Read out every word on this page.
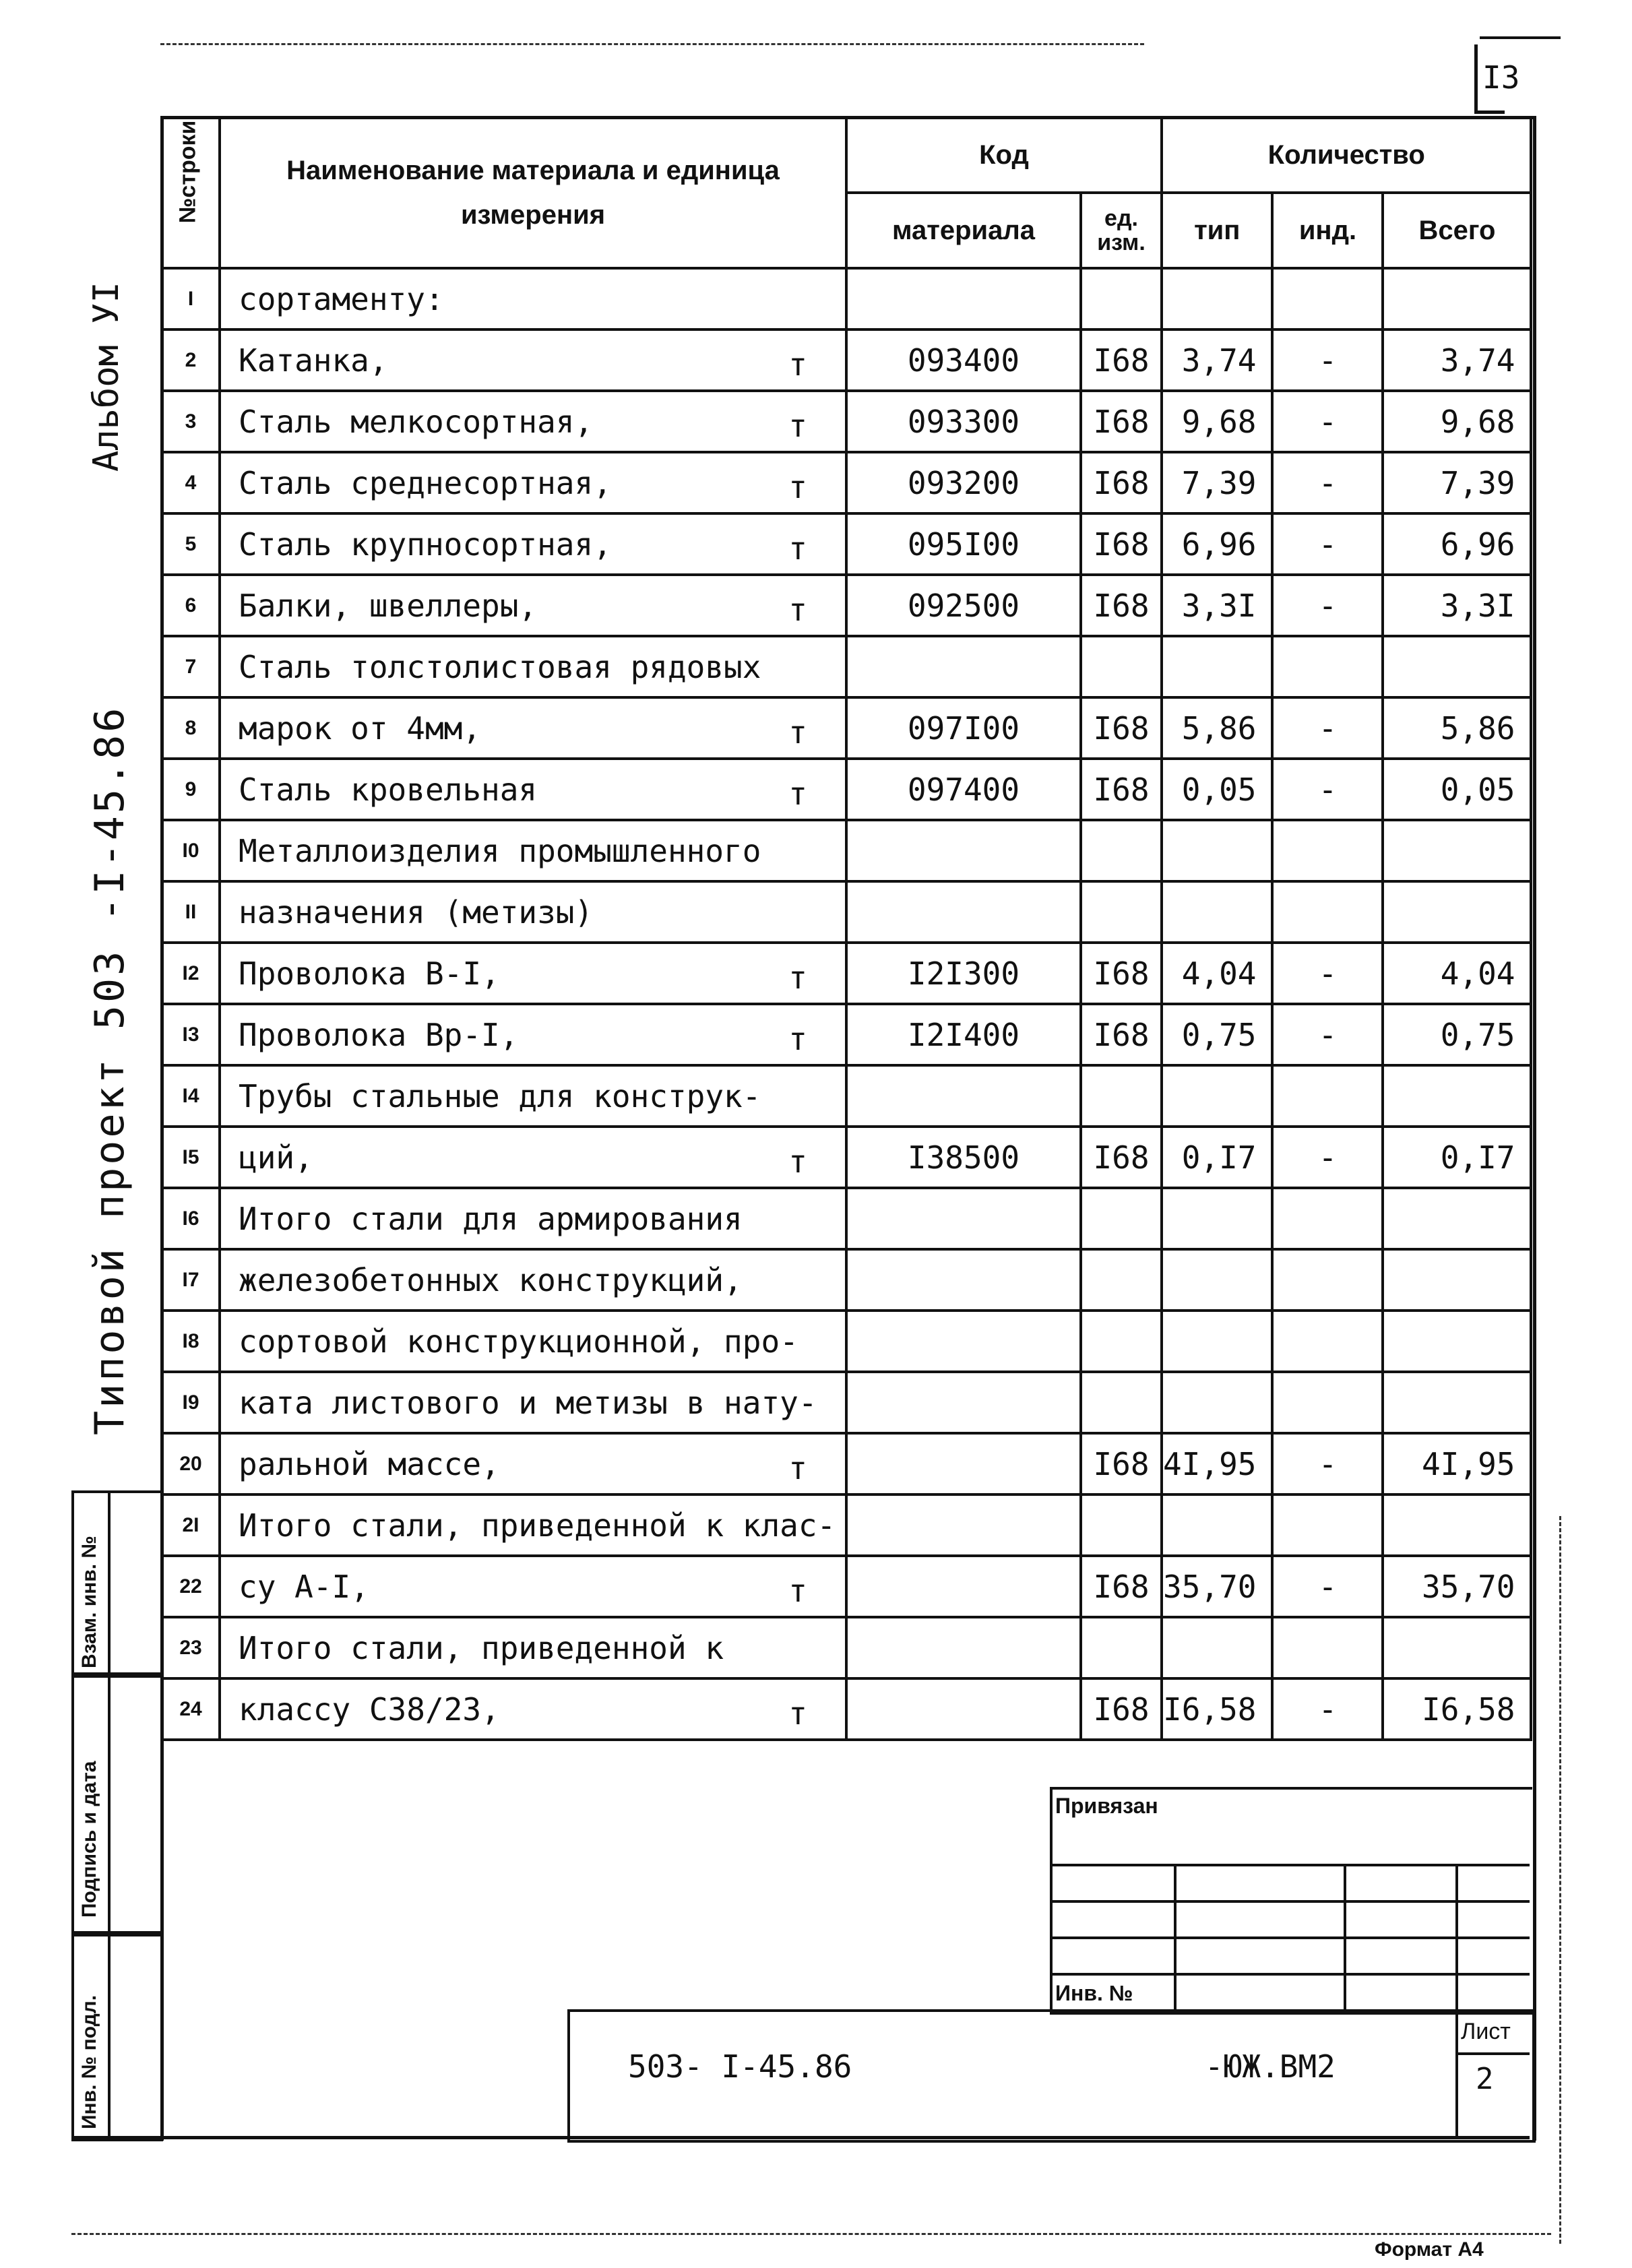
I3
Альбом УI
Типовой проект 503 -I-45.86
Взам. инв. №
Подпись и дата
Инв. № подл.
№строки	Наименование материала и единица измерения	Код		Количество		
		материала	ед. изм.	тип	инд.	Всего
I	сортаменту:

2	Катанка, т	093400	I68	3,74	-	3,74
3	Сталь мелкосортная, т	093300	I68	9,68	-	9,68
4	Сталь среднесортная, т	093200	I68	7,39	-	7,39
5	Сталь крупносортная, т	095I00	I68	6,96	-	6,96
6	Балки, швеллеры, т	092500	I68	3,3I	-	3,3I
7	Сталь толстолистовая рядовых

8	марок от 4мм, т	097I00	I68	5,86	-	5,86
9	Сталь кровельная т	097400	I68	0,05	-	0,05
I0	Металлоизделия промышленного

II	назначения (метизы)

I2	Проволока В-I, т	I2I300	I68	4,04	-	4,04
I3	Проволока Вр-I, т	I2I400	I68	0,75	-	0,75
I4	Трубы стальные для конструк-

I5	ций, т	I38500	I68	0,I7	-	0,I7
I6	Итого стали для армирования

I7	железобетонных конструкций,

I8	сортовой конструкционной, про-

I9	ката листового и метизы в нату-

20	ральной массе, т		I68	4I,95	-	4I,95
2I	Итого стали, приведенной к клас-

22	су А-I, т		I68	35,70	-	35,70
23	Итого стали, приведенной к

24	классу С38/23, т		I68	I6,58	-	I6,58
Привязан
Инв. №
503- I-45.86	-ЮЖ.ВМ2
Лист
2
Формат А4
